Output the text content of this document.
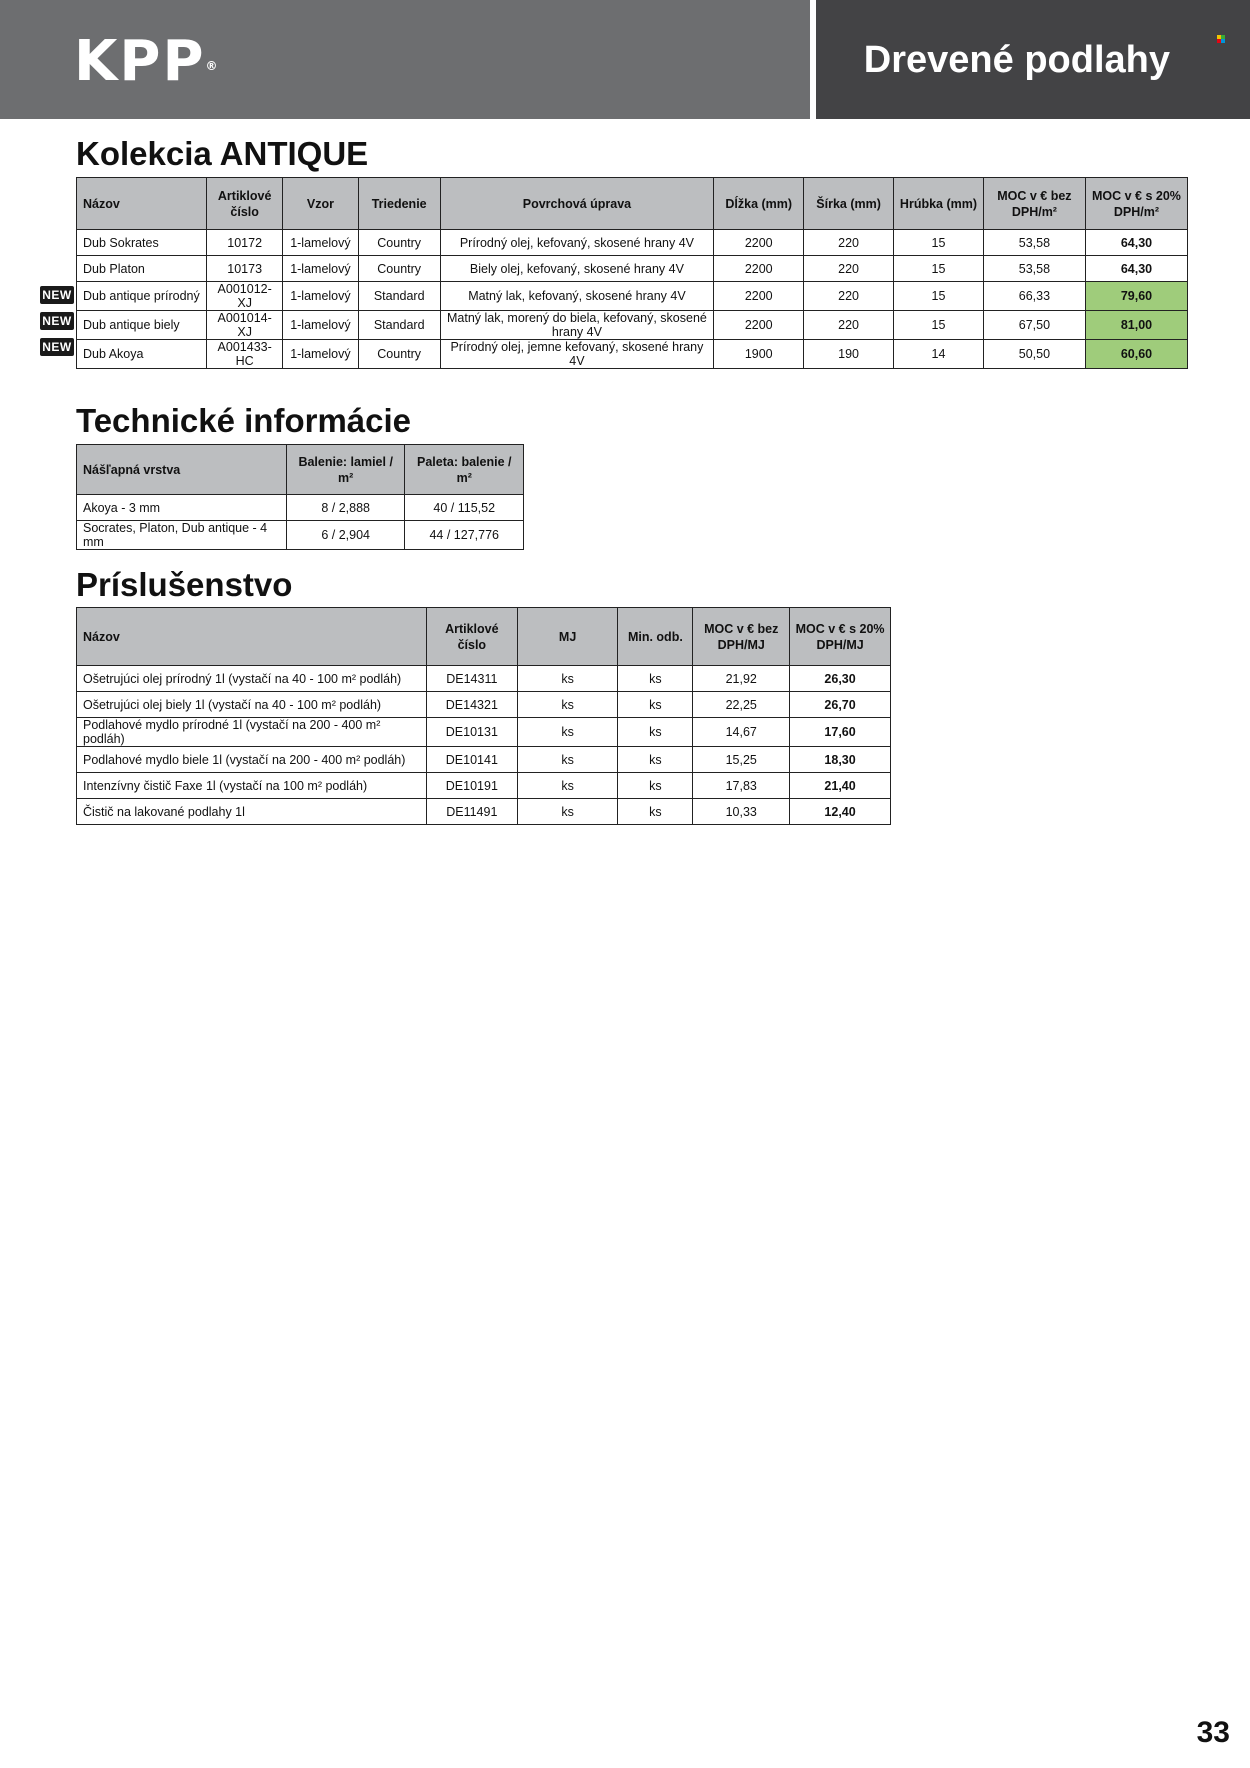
KPP®	Drevené podlahy
Kolekcia ANTIQUE
Názov	Artiklové číslo	Vzor	Triedenie	Povrchová úprava	Dĺžka (mm)	Šírka (mm)	Hrúbka (mm)	MOC v € bez DPH/m²	MOC v € s 20% DPH/m²
Dub Sokrates	10172	1-lamelový	Country	Prírodný olej, kefovaný, skosené hrany 4V	2200	220	15	53,58	64,30
Dub Platon	10173	1-lamelový	Country	Biely olej, kefovaný, skosené hrany 4V	2200	220	15	53,58	64,30
Dub antique prírodný	A001012-XJ	1-lamelový	Standard	Matný lak, kefovaný, skosené hrany 4V	2200	220	15	66,33	79,60
Dub antique biely	A001014-XJ	1-lamelový	Standard	Matný lak, morený do biela, kefovaný, skosené hrany 4V	2200	220	15	67,50	81,00
Dub Akoya	A001433-HC	1-lamelový	Country	Prírodný olej, jemne kefovaný, skosené hrany 4V	1900	190	14	50,50	60,60
NEW
NEW
NEW
Technické informácie
Nášľapná vrstva	Balenie: lamiel / m²	Paleta: balenie / m²
Akoya - 3 mm	8 / 2,888	40 / 115,52
Socrates, Platon, Dub antique - 4 mm	6 / 2,904	44 / 127,776
Príslušenstvo
Názov	Artiklové číslo	MJ	Min. odb.	MOC v € bez DPH/MJ	MOC v € s 20% DPH/MJ
Ošetrujúci olej prírodný 1l (vystačí na 40 - 100 m² podláh)	DE14311	ks	ks	21,92	26,30
Ošetrujúci olej biely 1l (vystačí na 40 - 100 m² podláh)	DE14321	ks	ks	22,25	26,70
Podlahové mydlo prírodné 1l (vystačí na 200 - 400 m² podláh)	DE10131	ks	ks	14,67	17,60
Podlahové mydlo biele 1l (vystačí na 200 - 400 m² podláh)	DE10141	ks	ks	15,25	18,30
Intenzívny čistič Faxe 1l (vystačí na 100 m² podláh)	DE10191	ks	ks	17,83	21,40
Čistič na lakované podlahy 1l	DE11491	ks	ks	10,33	12,40
33
